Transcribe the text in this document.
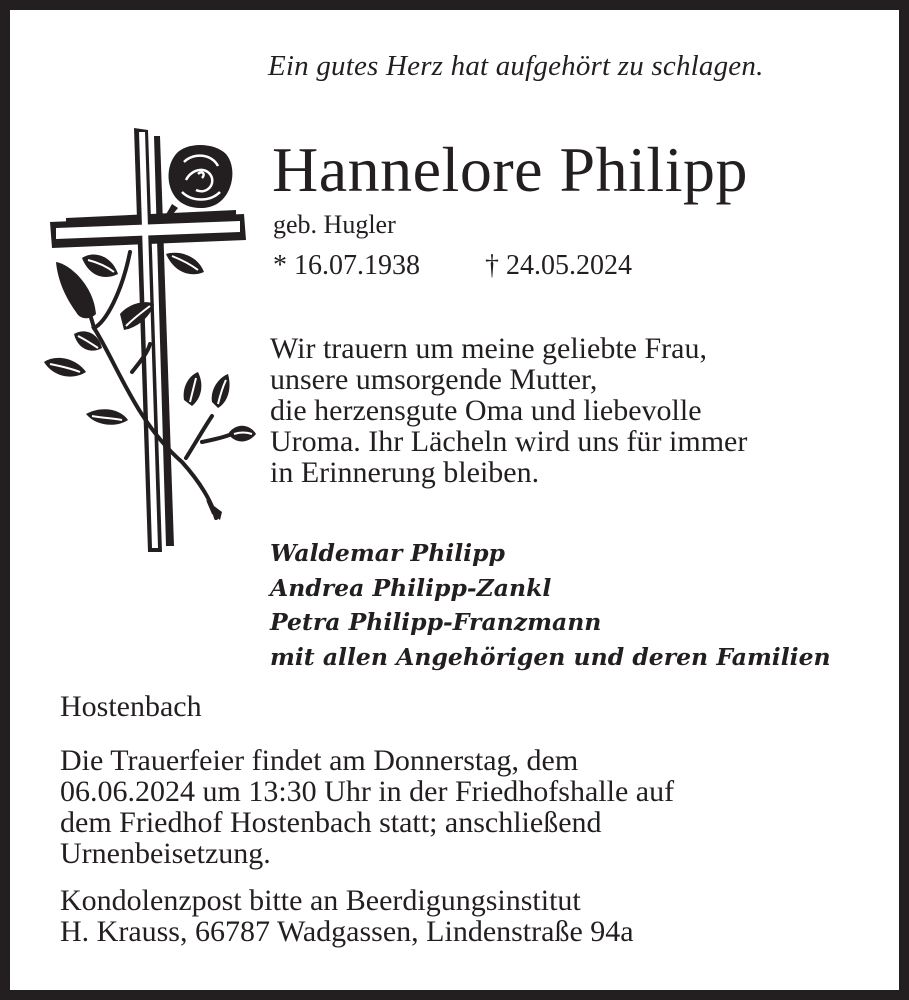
Ein gutes Herz hat aufgehört zu schlagen.
Hannelore Philipp
geb. Hugler
* 16.07.1938 † 24.05.2024
Wir trauern um meine geliebte Frau,
unsere umsorgende Mutter,
die herzensgute Oma und liebevolle
Uroma. Ihr Lächeln wird uns für immer
in Erinnerung bleiben.
Waldemar Philipp
Andrea Philipp-Zankl
Petra Philipp-Franzmann
mit allen Angehörigen und deren Familien
Hostenbach
Die Trauerfeier findet am Donnerstag, dem
06.06.2024 um 13:30 Uhr in der Friedhofshalle auf
dem Friedhof Hostenbach statt; anschließend
Urnenbeisetzung.
Kondolenzpost bitte an Beerdigungsinstitut
H. Krauss, 66787 Wadgassen, Lindenstraße 94a
